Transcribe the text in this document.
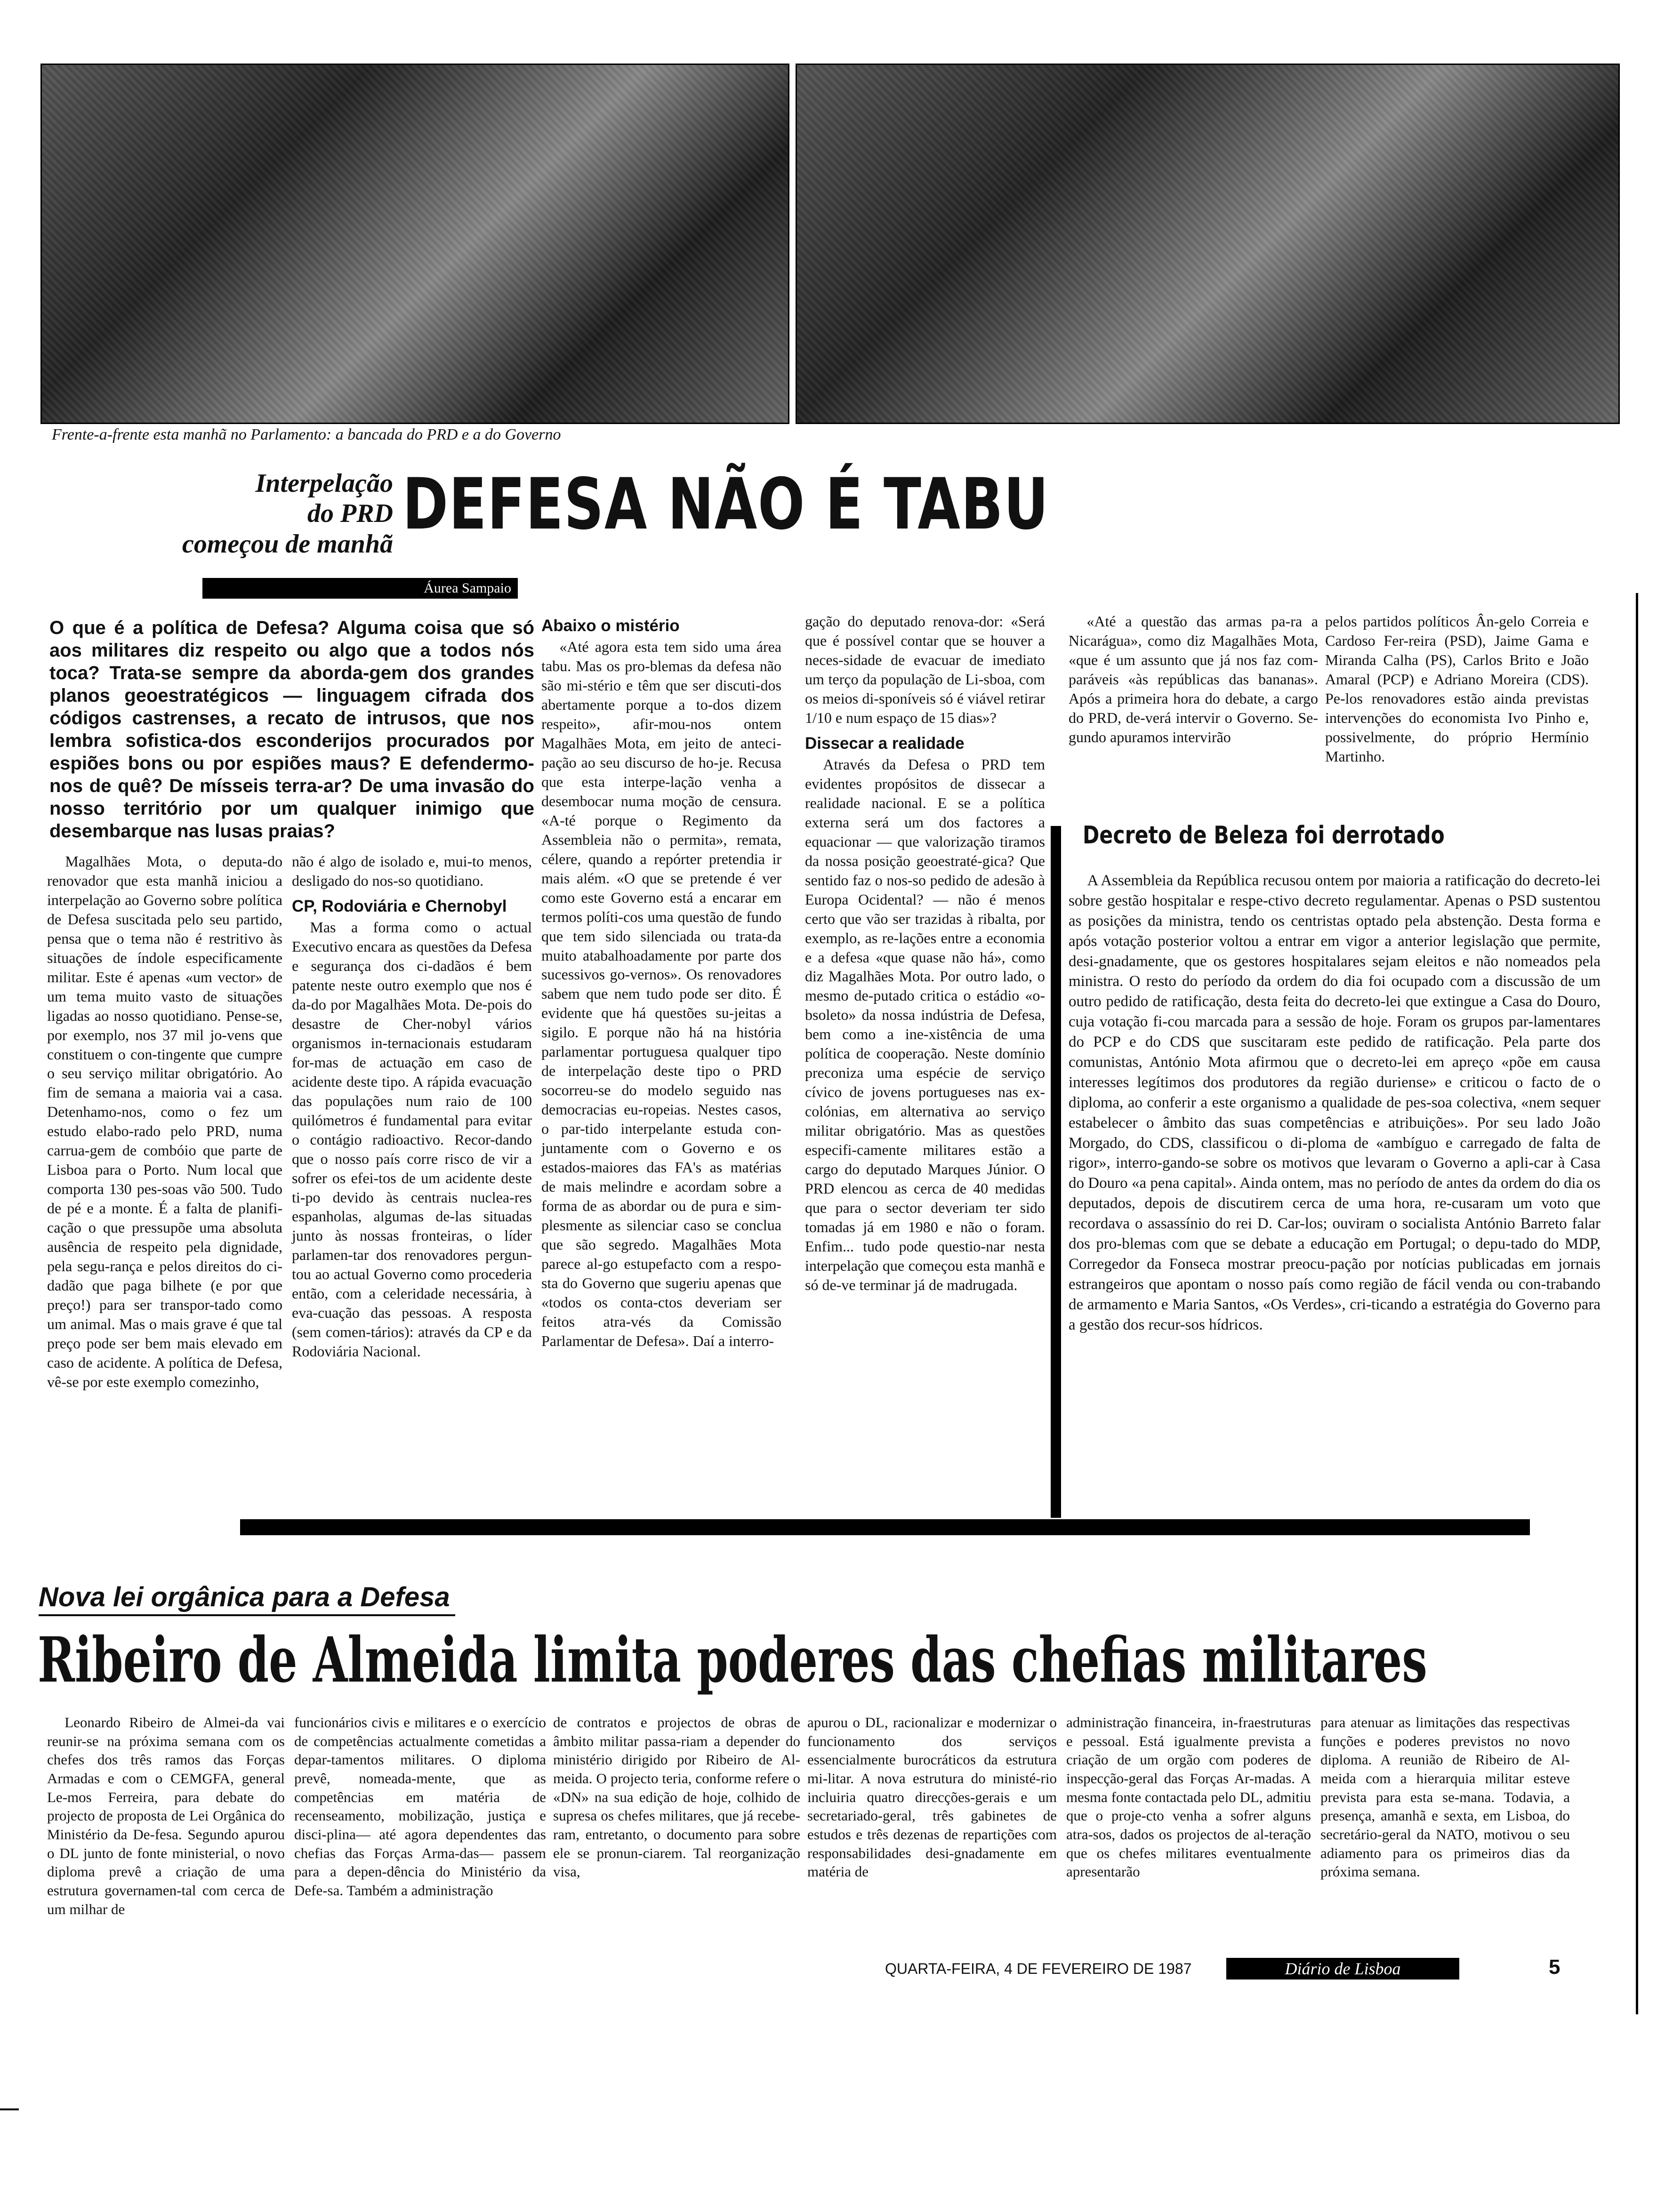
Frente-a-frente esta manhã no Parlamento: a bancada do PRD e a do Governo
Interpelação
do PRD
começou de manhã DEFESA NÃO É TABU
Áurea Sampaio
O que é a política de Defesa? Alguma coisa que só aos militares diz respeito ou algo que a todos nós toca? Trata-se sempre da aborda-gem dos grandes planos geoestratégicos — linguagem cifrada dos códigos castrenses, a recato de intrusos, que nos lembra sofistica-dos esconderijos procurados por espiões bons ou por espiões maus? E defendermo-nos de quê? De mísseis terra-ar? De uma invasão do nosso território por um qualquer inimigo que desembarque nas lusas praias?

Magalhães Mota, o deputa-do renovador que esta manhã iniciou a interpelação ao Governo sobre política de Defesa suscitada pelo seu partido, pensa que o tema não é restritivo às situações de índole especificamente militar. Este é apenas «um vector» de um tema muito vasto de situações ligadas ao nosso quotidiano. Pense-se, por exemplo, nos 37 mil jo-vens que constituem o con-tingente que cumpre o seu serviço militar obrigatório. Ao fim de semana a maioria vai a casa. Detenhamo-nos, como o fez um estudo elabo-rado pelo PRD, numa carrua-gem de combóio que parte de Lisboa para o Porto. Num local que comporta 130 pes-soas vão 500. Tudo de pé e a monte. É a falta de planifi-cação o que pressupõe uma absoluta ausência de respeito pela dignidade, pela segu-rança e pelos direitos do ci-dadão que paga bilhete (e por que preço!) para ser transpor-tado como um animal. Mas o mais grave é que tal preço pode ser bem mais elevado em caso de acidente. A política de Defesa, vê-se por este exemplo comezinho,

não é algo de isolado e, mui-to menos, desligado do nos-so quotidiano.

CP, Rodoviária e Chernobyl

Mas a forma como o actual Executivo encara as questões da Defesa e segurança dos ci-dadãos é bem patente neste outro exemplo que nos é da-do por Magalhães Mota. De-pois do desastre de Cher-nobyl vários organismos in-ternacionais estudaram for-mas de actuação em caso de acidente deste tipo. A rápida evacuação das populações num raio de 100 quilómetros é fundamental para evitar o contágio radioactivo. Recor-dando que o nosso país corre risco de vir a sofrer os efei-tos de um acidente deste ti-po devido às centrais nuclea-res espanholas, algumas de-las situadas junto às nossas fronteiras, o líder parlamen-tar dos renovadores pergun-tou ao actual Governo como procederia então, com a celeridade necessária, à eva-cuação das pessoas. A resposta (sem comen-tários): através da CP e da Rodoviária Nacional.

Abaixo o mistério

«Até agora esta tem sido uma área tabu. Mas os pro-blemas da defesa não são mi-stério e têm que ser discuti-dos abertamente porque a to-dos dizem respeito», afir-mou-nos ontem Magalhães Mota, em jeito de anteci-pação ao seu discurso de ho-je. Recusa que esta interpe-lação venha a desembocar numa moção de censura. «A-té porque o Regimento da Assembleia não o permita», remata, célere, quando a repórter pretendia ir mais além. «O que se pretende é ver como este Governo está a encarar em termos políti-cos uma questão de fundo que tem sido silenciada ou trata-da muito atabalhoadamente por parte dos sucessivos go-vernos». Os renovadores sabem que nem tudo pode ser dito. É evidente que há questões su-jeitas a sigilo. E porque não há na história parlamentar portuguesa qualquer tipo de interpelação deste tipo o PRD socorreu-se do modelo seguido nas democracias eu-ropeias. Nestes casos, o par-tido interpelante estuda con-juntamente com o Governo e os estados-maiores das FA's as matérias de mais melindre e acordam sobre a forma de as abordar ou de pura e sim-plesmente as silenciar caso se conclua que são segredo. Magalhães Mota parece al-go estupefacto com a respo-sta do Governo que sugeriu apenas que «todos os conta-ctos deveriam ser feitos atra-vés da Comissão Parlamentar de Defesa». Daí a interro-

gação do deputado renova-dor: «Será que é possível contar que se houver a neces-sidade de evacuar de imediato um terço da população de Li-sboa, com os meios di-sponíveis só é viável retirar 1/10 e num espaço de 15 dias»?

Dissecar a realidade

Através da Defesa o PRD tem evidentes propósitos de dissecar a realidade nacional. E se a política externa será um dos factores a equacionar — que valorização tiramos da nossa posição geoestraté-gica? Que sentido faz o nos-so pedido de adesão à Europa Ocidental? — não é menos certo que vão ser trazidas à ribalta, por exemplo, as re-lações entre a economia e a defesa «que quase não há», como diz Magalhães Mota. Por outro lado, o mesmo de-putado critica o estádio «o-bsoleto» da nossa indústria de Defesa, bem como a ine-xistência de uma política de cooperação. Neste domínio preconiza uma espécie de serviço cívico de jovens portugueses nas ex-colónias, em alternativa ao serviço militar obrigatório. Mas as questões especifi-camente militares estão a cargo do deputado Marques Júnior. O PRD elencou as cerca de 40 medidas que para o sector deveriam ter sido tomadas já em 1980 e não o foram. Enfim... tudo pode questio-nar nesta interpelação que começou esta manhã e só de-ve terminar já de madrugada.

«Até a questão das armas pa-ra a Nicarágua», como diz Magalhães Mota, «que é um assunto que já nos faz com-paráveis «às repúblicas das bananas». Após a primeira hora do debate, a cargo do PRD, de-verá intervir o Governo. Se-gundo apuramos intervirão

pelos partidos políticos Ân-gelo Correia e Cardoso Fer-reira (PSD), Jaime Gama e Miranda Calha (PS), Carlos Brito e João Amaral (PCP) e Adriano Moreira (CDS). Pe-los renovadores estão ainda previstas intervenções do economista Ivo Pinho e, possivelmente, do próprio Hermínio Martinho.

Decreto de Beleza foi derrotado

A Assembleia da República recusou ontem por maioria a ratificação do decreto-lei sobre gestão hospitalar e respe-ctivo decreto regulamentar. Apenas o PSD sustentou as posições da ministra, tendo os centristas optado pela abstenção. Desta forma e após votação posterior voltou a entrar em vigor a anterior legislação que permite, desi-gnadamente, que os gestores hospitalares sejam eleitos e não nomeados pela ministra. O resto do período da ordem do dia foi ocupado com a discussão de um outro pedido de ratificação, desta feita do decreto-lei que extingue a Casa do Douro, cuja votação fi-cou marcada para a sessão de hoje. Foram os grupos par-lamentares do PCP e do CDS que suscitaram este pedido de ratificação. Pela parte dos comunistas, António Mota afirmou que o decreto-lei em apreço «põe em causa interesses legítimos dos produtores da região duriense» e criticou o facto de o diploma, ao conferir a este organismo a qualidade de pes-soa colectiva, «nem sequer estabelecer o âmbito das suas competências e atribuições». Por seu lado João Morgado, do CDS, classificou o di-ploma de «ambíguo e carregado de falta de rigor», interro-gando-se sobre os motivos que levaram o Governo a apli-car à Casa do Douro «a pena capital». Ainda ontem, mas no período de antes da ordem do dia os deputados, depois de discutirem cerca de uma hora, re-cusaram um voto que recordava o assassínio do rei D. Car-los; ouviram o socialista António Barreto falar dos pro-blemas com que se debate a educação em Portugal; o depu-tado do MDP, Corregedor da Fonseca mostrar preocu-pação por notícias publicadas em jornais estrangeiros que apontam o nosso país como região de fácil venda ou con-trabando de armamento e Maria Santos, «Os Verdes», cri-ticando a estratégia do Governo para a gestão dos recur-sos hídricos.

Nova lei orgânica para a Defesa
Ribeiro de Almeida limita poderes das chefias militares

Leonardo Ribeiro de Almei-da vai reunir-se na próxima semana com os chefes dos três ramos das Forças Armadas e com o CEMGFA, general Le-mos Ferreira, para debate do projecto de proposta de Lei Orgânica do Ministério da De-fesa. Segundo apurou o DL junto de fonte ministerial, o novo diploma prevê a criação de uma estrutura governamen-tal com cerca de um milhar de

funcionários civis e militares e o exercício de competências actualmente cometidas a depar-tamentos militares. O diploma prevê, nomeada-mente, que as competências em matéria de recenseamento, mobilização, justiça e disci-plina— até agora dependentes das chefias das Forças Arma-das— passem para a depen-dência do Ministério da Defe-sa. Também a administração

de contratos e projectos de obras de âmbito militar passa-riam a depender do ministério dirigido por Ribeiro de Al-meida. O projecto teria, conforme refere o «DN» na sua edição de hoje, colhido de supresa os chefes militares, que já recebe-ram, entretanto, o documento para sobre ele se pronun-ciarem. Tal reorganização visa,

apurou o DL, racionalizar e modernizar o funcionamento dos serviços essencialmente burocráticos da estrutura mi-litar. A nova estrutura do ministé-rio incluiria quatro direcções-gerais e um secretariado-geral, três gabinetes de estudos e três dezenas de repartições com responsabilidades desi-gnadamente em matéria de

administração financeira, in-fraestruturas e pessoal. Está igualmente prevista a criação de um orgão com poderes de inspecção-geral das Forças Ar-madas. A mesma fonte contactada pelo DL, admitiu que o proje-cto venha a sofrer alguns atra-sos, dados os projectos de al-teração que os chefes militares eventualmente apresentarão

para atenuar as limitações das respectivas funções e poderes previstos no novo diploma. A reunião de Ribeiro de Al-meida com a hierarquia militar esteve prevista para esta se-mana. Todavia, a presença, amanhã e sexta, em Lisboa, do secretário-geral da NATO, motivou o seu adiamento para os primeiros dias da próxima semana.

QUARTA-FEIRA, 4 DE FEVEREIRO DE 1987	Diário de Lisboa	5
